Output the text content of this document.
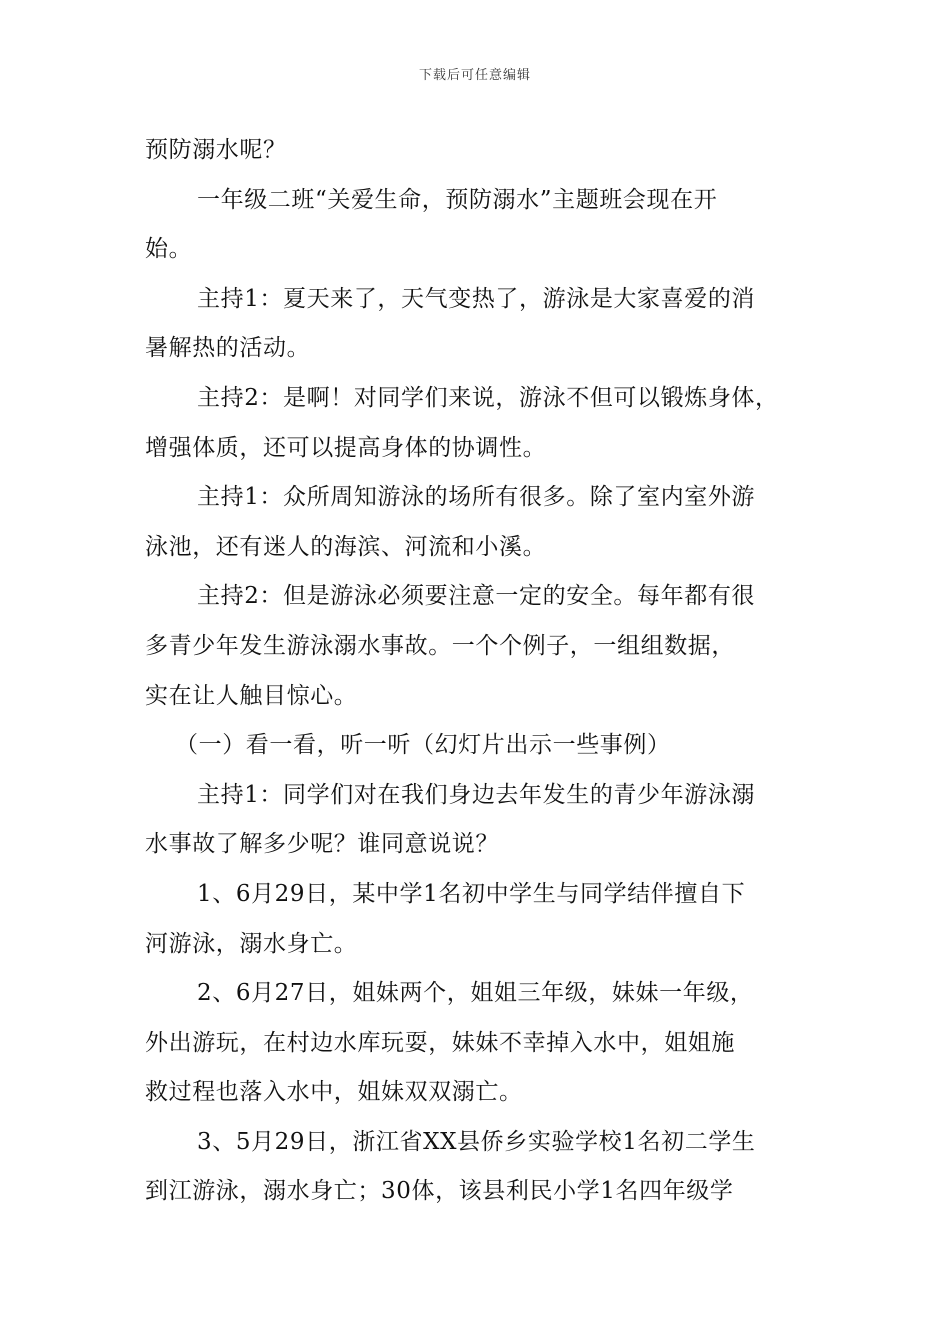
下载后可任意编辑
预防溺水呢？
一年级二班“关爱生命，预防溺水”主题班会现在开
始。
主持1：夏天来了，天气变热了，游泳是大家喜爱的消
暑解热的活动。
主持2：是啊！对同学们来说，游泳不但可以锻炼身体，
增强体质，还可以提高身体的协调性。
主持1：众所周知游泳的场所有很多。除了室内室外游
泳池，还有迷人的海滨、河流和小溪。
主持2：但是游泳必须要注意一定的安全。每年都有很
多青少年发生游泳溺水事故。一个个例子，一组组数据，
实在让人触目惊心。
（一）看一看，听一听（幻灯片出示一些事例）
主持1：同学们对在我们身边去年发生的青少年游泳溺
水事故了解多少呢？谁同意说说？
1、6月29日，某中学1名初中学生与同学结伴擅自下
河游泳，溺水身亡。
2、6月27日，姐妹两个，姐姐三年级，妹妹一年级，
外出游玩，在村边水库玩耍，妹妹不幸掉入水中，姐姐施
救过程也落入水中，姐妹双双溺亡。
3、5月29日，浙江省XX县侨乡实验学校1名初二学生
到江游泳，溺水身亡；30体，该县利民小学1名四年级学
